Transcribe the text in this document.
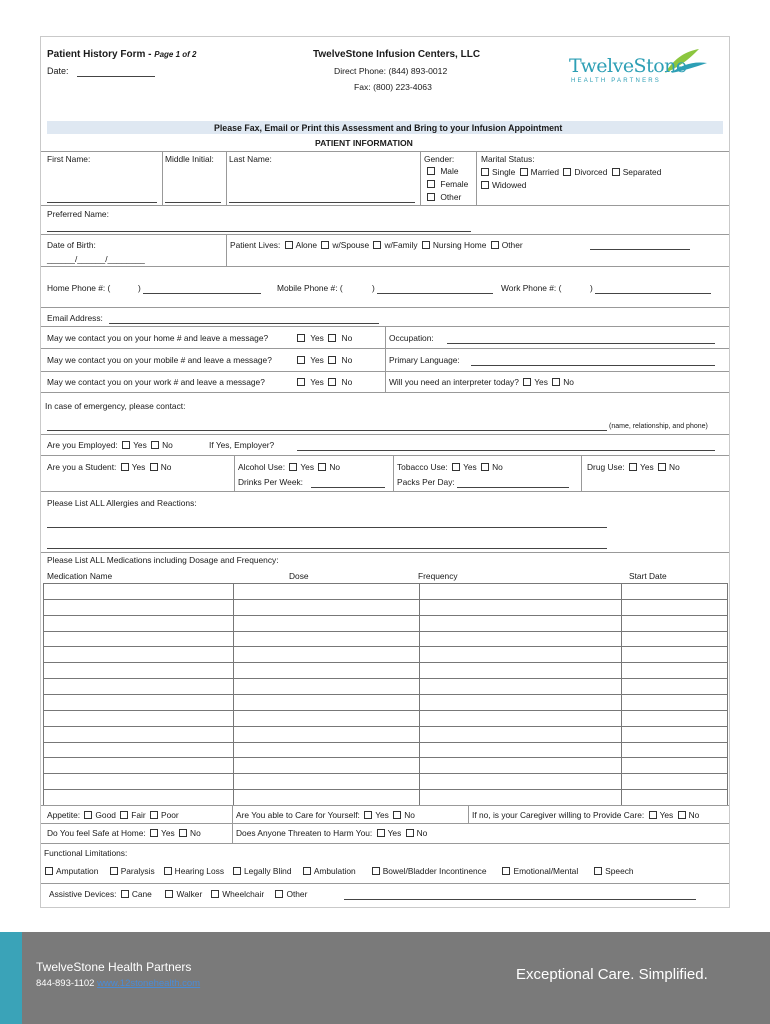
Patient History Form - Page 1 of 2
Date:
TwelveStone Infusion Centers, LLC
Direct Phone: (844) 893-0012
Fax: (800) 223-4063
TwelveStone
HEALTH PARTNERS
Please Fax, Email or Print this Assessment and Bring to your Infusion Appointment
PATIENT INFORMATION
First Name:	Middle Initial: Last Name:	Gender:
Male
Female
Other
Marital Status:
Single Married Divorced Separated
Widowed
Preferred Name:
Date of Birth:
______/______/________
Patient Lives: Alone w/Spouse w/Family Nursing Home Other
Home Phone #: (	)	Mobile Phone #: (	)	Work Phone #: (	)
Email Address:
May we contact you on your home # and leave a message?	Yes No	Occupation:
May we contact you on your mobile # and leave a message?	Yes No	Primary Language:
May we contact you on your work # and leave a message?	Yes No	Will you need an interpreter today? Yes No
In case of emergency, please contact:
(name, relationship, and phone)
Are you Employed: Yes No	If Yes, Employer?
Are you a Student: Yes No	Alcohol Use: Yes No
Drinks Per Week:
Tobacco Use: Yes No
Packs Per Day:
Drug Use: Yes No
Please List ALL Allergies and Reactions:
Please List ALL Medications including Dosage and Frequency:
Medication Name	Dose	Frequency	Start Date
Appetite: Good Fair Poor	Are You able to Care for Yourself: Yes No	If no, is your Caregiver willing to Provide Care: Yes No
Do You feel Safe at Home: Yes No	Does Anyone Threaten to Harm You: Yes No
Functional Limitations:
Amputation	Paralysis Hearing Loss Legally Blind	Ambulation	Bowel/Bladder Incontinence	Emotional/Mental	Speech
Assistive Devices: Cane	Walker Wheelchair	Other
TwelveStone Health Partners
844-893-1102 www.12stonehealth.com
Exceptional Care. Simplified.
